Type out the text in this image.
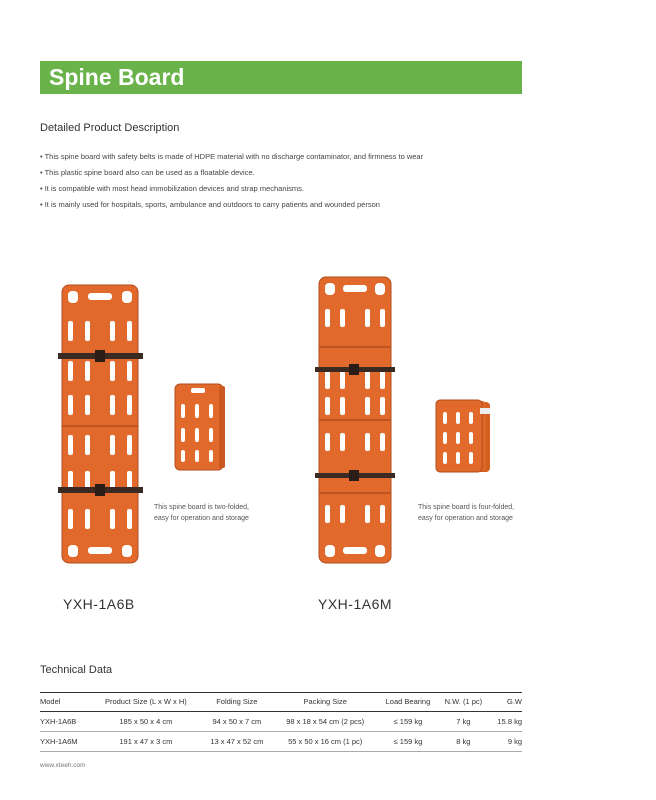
Spine Board
Detailed Product Description
• This spine board with safety belts is made of HDPE material with no discharge contaminator, and firmness to wear
• This plastic spine board also can be used as a floatable device.
• It is compatible with most head immobilization devices and strap mechanisms.
• It is mainly used for hospitals, sports, ambulance and outdoors to carry patients and wounded person
This spine board is two-folded,
easy for operation and storage
YXH-1A6B
This spine board is four-folded,
easy for operation and storage
YXH-1A6M
Technical Data
Model	Product Size (L x W x H)	Folding Size	Packing Size	Load Bearing	N.W. (1 pc)	G.W
YXH-1A6B	185 x 50 x 4 cm	94 x 50 x 7 cm	98 x 18 x 54 cm (2 pcs)	≤ 159 kg	7 kg	15.8 kg
YXH-1A6M	191 x 47 x 3 cm	13 x 47 x 52 cm	55 x 50 x 16 cm (1 pc)	≤ 159 kg	8 kg	9 kg
www.xteeh.com
